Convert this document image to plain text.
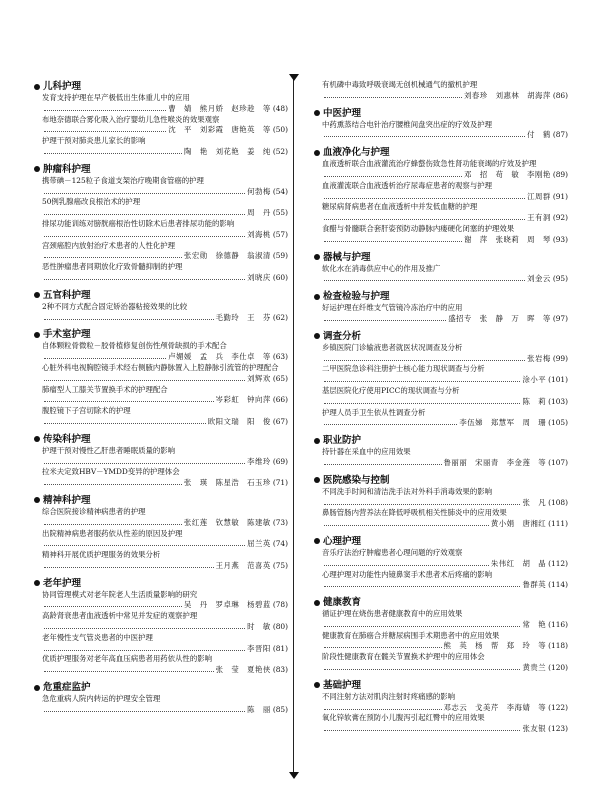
儿科护理
发育支持护理在早产极低出生体重儿中的应用
曹　婧　熊月娇　赵珍趁　等 (48)
布地奈德联合雾化吸入治疗婴幼儿急性喉炎的效果观察
沈　平　刘彩霞　唐艳英　等 (50)
护理干预对肺炎患儿家长的影响
陶　艳　刘花艳　姜　纯 (52)
肿瘤科护理
携带碘－125粒子食道支架治疗晚期食管癌的护理
何勃梅 (54)
50例乳腺癌改良根治术的护理
周　丹 (55)
排尿功能训练对膀胱癌根治性切除术后患者排尿功能的影响
刘海桃 (57)
宫颈癌腔内放射治疗术患者的人性化护理
张宏勋　徐德静　翁淑清 (59)
恶性肿瘤患者同期放化疗致骨髓抑制的护理
刘晓庆 (60)
五官科护理
2种不同方式配合固定矫治器粘接效果的比较
毛勤玲　王　芬 (62)
手术室护理
自体颗粒骨微粒－胶骨植修复创伤性颅骨缺损的手术配合
卢媚媛　孟　兵　李仕卓　等 (63)
心脏外科电视胸腔镜手术经右侧腋内静脉置入上腔静脉引流管的护理配合
刘辉欢 (65)
肺瘤型人工膝关节置换手术的护理配合
岑彩虹　钟向萍 (66)
腹腔镜下子宫切除术的护理
欧阳文瑞　阳　俊 (67)
传染科护理
护理干预对慢性乙肝患者睡眠质量的影响
李维玲 (69)
拉米夫定致HBV－YMDD变异的护理体会
张　瑛　陈星浩　石玉珍 (71)
精神科护理
综合医院接诊精神病患者的护理
张红莲　钦慧敏　陈建敏 (73)
出院精神病患者服药依从性差的原因及护理
屈兰英 (74)
精神科开展优质护理服务的效果分析
王月燕　范喜英 (75)
老年护理
协同管理模式对老年院老人生活质量影响的研究
吴　丹　罗卓琳　杨碧蓝 (78)
高龄肾衰患者血液透析中常见并发症的观察护理
时　敏 (80)
老年慢性支气管炎患者的中医护理
李晋阳 (81)
优质护理服务对老年高血压病患者用药依从性的影响
张　莹　夏艳侠 (83)
危重症监护
急危重病人院内转运的护理安全管理
陈　丽 (85)
有机磷中毒致呼吸衰竭无创机械通气的撤机护理
刘春珍　刘惠林　胡海萍 (86)
中医护理
中药熏蒸结合电针治疗腰椎间盘突出症的疗效及护理
付　鹤 (87)
血液净化与护理
血液透析联合血液灌流治疗蜂螫伤致急性肾功能衰竭的疗效及护理
邓　招　苟　敏　李刚艳 (89)
血液灌流联合血液透析治疗尿毒症患者的观察与护理
江周群 (91)
糖尿病肾病患者在血液透析中并发低血糖的护理
王有洞 (92)
食醋与骨髓联合套肝姿预防动静脉内瘘硬化闭塞的护理效果
谢　萍　张晓莉　周　琴 (93)
器械与护理
软化水在消毒供应中心的作用及推广
刘金云 (95)
检查检验与护理
好运护理在纤维支气管镜冷冻治疗中的应用
盛招专　张　静　万　晖　等 (97)
调查分析
乡镇医院门诊输液患者就医状况调查及分析
张岩梅 (99)
二甲医院急诊科注册护士核心能力现状调查与分析
涂小平 (101)
基层医院化疗使用PICC的现状调查与分析
陈　莉 (103)
护理人员手卫生依从性调查分析
李伍娣　郑慧军　周　珊 (105)
职业防护
持针器在采血中的应用效果
鲁丽丽　宋丽青　李金莲　等 (107)
医院感染与控制
不同洗手时间和清洁洗手法对外科手消毒效果的影响
张　凡 (108)
鼻肠管肠内营养法在降低呼吸机相关性肺炎中的应用效果
黄小娟　唐湘红 (111)
心理护理
音乐疗法治疗肿瘤患者心理问题的疗效观察
朱伟红　胡　晶 (112)
心理护理对功能性内镜鼻窦手术患者术后疼痛的影响
鲁群英 (114)
健康教育
循证护理在烧伤患者健康教育中的应用效果
常　艳 (116)
健康教育在肺癌合并糖尿病围手术期患者中的应用效果
熊　英　杨　帮　郑　玲　等 (118)
阶段性健康教育在髋关节置换术护理中的应用体会
黄贵兰 (120)
基础护理
不同注射方法对肌肉注射时疼痛感的影响
邓志云　戈美芹　李海婧　等 (122)
氧化锌软膏在预防小儿腹泻引起红臀中的应用效果
张友银 (123)
